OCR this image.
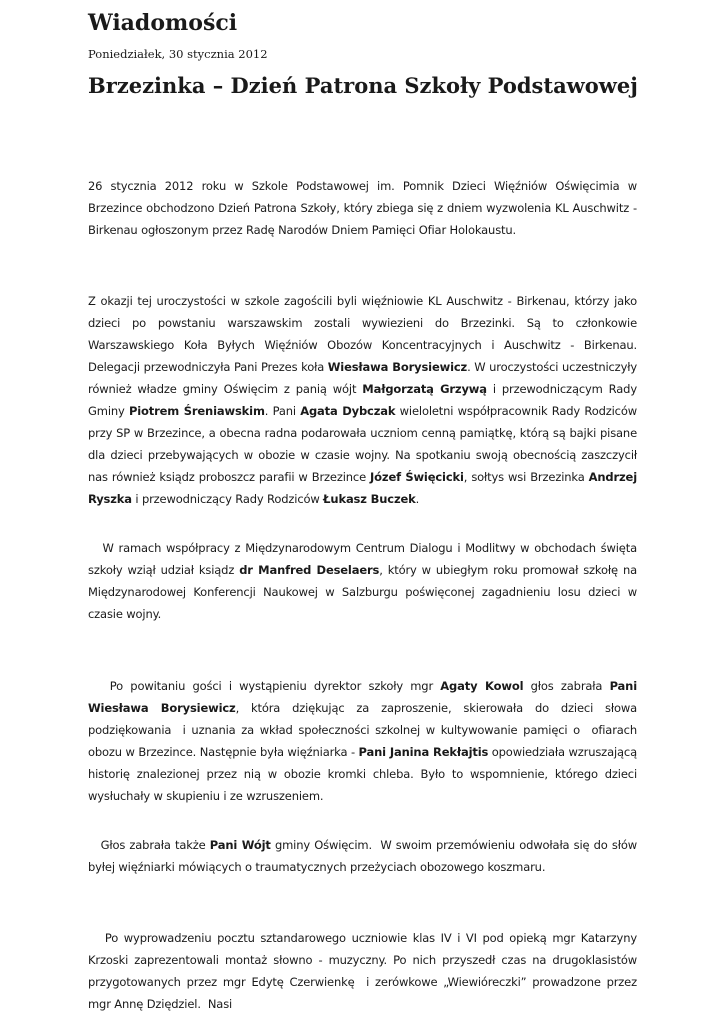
Wiadomości
Poniedziałek, 30 stycznia 2012
Brzezinka – Dzień Patrona Szkoły Podstawowej

26 stycznia 2012 roku w Szkole Podstawowej im. Pomnik Dzieci Więźniów Oświęcimia w Brzezince obchodzono Dzień Patrona Szkoły, który zbiega się z dniem wyzwolenia KL Auschwitz - Birkenau ogłoszonym przez Radę Narodów Dniem Pamięci Ofiar Holokaustu.

Z okazji tej uroczystości w szkole zagościli byli więźniowie KL Auschwitz - Birkenau, którzy jako dzieci po powstaniu warszawskim zostali wywiezieni do Brzezinki. Są to członkowie Warszawskiego Koła Byłych Więźniów Obozów Koncentracyjnych i Auschwitz - Birkenau. Delegacji przewodniczyła Pani Prezes koła Wiesława Borysiewicz. W uroczystości uczestniczyły również władze gminy Oświęcim z panią wójt Małgorzatą Grzywą i przewodniczącym Rady Gminy Piotrem Śreniawskim. Pani Agata Dybczak wieloletni współpracownik Rady Rodziców przy SP w Brzezince, a obecna radna podarowała uczniom cenną pamiątkę, którą są bajki pisane dla dzieci przebywających w obozie w czasie wojny. Na spotkaniu swoją obecnością zaszczycił nas również ksiądz proboszcz parafii w Brzezince Józef Święcicki, sołtys wsi Brzezinka Andrzej Ryszka i przewodniczący Rady Rodziców Łukasz Buczek.

W ramach współpracy z Międzynarodowym Centrum Dialogu i Modlitwy w obchodach święta szkoły wziął udział ksiądz dr Manfred Deselaers, który w ubiegłym roku promował szkołę na Międzynarodowej Konferencji Naukowej w Salzburgu poświęconej zagadnieniu losu dzieci w czasie wojny.

Po powitaniu gości i wystąpieniu dyrektor szkoły mgr Agaty Kowol głos zabrała Pani Wiesława Borysiewicz, która dziękując za zaproszenie, skierowała do dzieci słowa podziękowania  i uznania za wkład społeczności szkolnej w kultywowanie pamięci o  ofiarach obozu w Brzezince. Następnie była więźniarka - Pani Janina Rekłajtis opowiedziała wzruszającą historię znalezionej przez nią w obozie kromki chleba. Było to wspomnienie, którego dzieci wysłuchały w skupieniu i ze wzruszeniem.

Głos zabrała także Pani Wójt gminy Oświęcim.  W swoim przemówieniu odwołała się do słów byłej więźniarki mówiących o traumatycznych przeżyciach obozowego koszmaru.

Po wyprowadzeniu pocztu sztandarowego uczniowie klas IV i VI pod opieką mgr Katarzyny Krzoski zaprezentowali montaż słowno - muzyczny. Po nich przyszedł czas na drugoklasistów przygotowanych przez mgr Edytę Czerwienkę  i zerówkowe „Wiewióreczki” prowadzone przez mgr Annę Dziędziel.  Nasi
